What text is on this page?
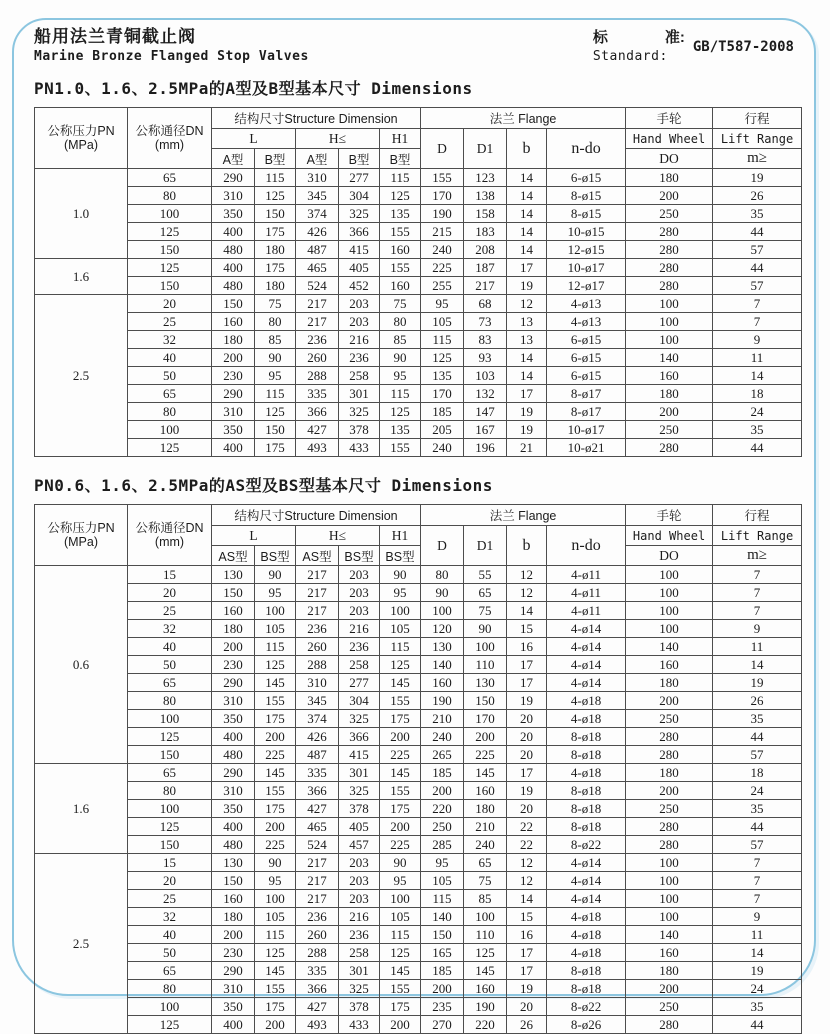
船用法兰青铜截止阀
Marine Bronze Flanged Stop Valves
标	准:
Standard:
GB/T587-2008
PN1.0、1.6、2.5MPa的A型及B型基本尺寸 Dimensions
公称压力PN
(MPa)	公称通径DN
(mm)	结构尺寸Structure Dimension					法兰 Flange				手轮	行程
		L		H≤		H1	D	D1	b	n-do	Hand Wheel	Lift Range
		A型	B型	A型	B型	B型					DO	m≥
1.0	65	290	115	310	277	115	155	123	14	6-ø15	180	19
	80	310	125	345	304	125	170	138	14	8-ø15	200	26
	100	350	150	374	325	135	190	158	14	8-ø15	250	35
	125	400	175	426	366	155	215	183	14	10-ø15	280	44
	150	480	180	487	415	160	240	208	14	12-ø15	280	57
1.6	125	400	175	465	405	155	225	187	17	10-ø17	280	44
	150	480	180	524	452	160	255	217	19	12-ø17	280	57
2.5	20	150	75	217	203	75	95	68	12	4-ø13	100	7
	25	160	80	217	203	80	105	73	13	4-ø13	100	7
	32	180	85	236	216	85	115	83	13	6-ø15	100	9
	40	200	90	260	236	90	125	93	14	6-ø15	140	11
	50	230	95	288	258	95	135	103	14	6-ø15	160	14
	65	290	115	335	301	115	170	132	17	8-ø17	180	18
	80	310	125	366	325	125	185	147	19	8-ø17	200	24
	100	350	150	427	378	135	205	167	19	10-ø17	250	35
	125	400	175	493	433	155	240	196	21	10-ø21	280	44
PN0.6、1.6、2.5MPa的AS型及BS型基本尺寸 Dimensions
公称压力PN
(MPa)	公称通径DN
(mm)	结构尺寸Structure Dimension					法兰 Flange				手轮	行程
		L		H≤		H1	D	D1	b	n-do	Hand Wheel	Lift Range
		AS型	BS型	AS型	BS型	BS型					DO	m≥
0.6	15	130	90	217	203	90	80	55	12	4-ø11	100	7
	20	150	95	217	203	95	90	65	12	4-ø11	100	7
	25	160	100	217	203	100	100	75	14	4-ø11	100	7
	32	180	105	236	216	105	120	90	15	4-ø14	100	9
	40	200	115	260	236	115	130	100	16	4-ø14	140	11
	50	230	125	288	258	125	140	110	17	4-ø14	160	14
	65	290	145	310	277	145	160	130	17	4-ø14	180	19
	80	310	155	345	304	155	190	150	19	4-ø18	200	26
	100	350	175	374	325	175	210	170	20	4-ø18	250	35
	125	400	200	426	366	200	240	200	20	8-ø18	280	44
	150	480	225	487	415	225	265	225	20	8-ø18	280	57
1.6	65	290	145	335	301	145	185	145	17	4-ø18	180	18
	80	310	155	366	325	155	200	160	19	8-ø18	200	24
	100	350	175	427	378	175	220	180	20	8-ø18	250	35
	125	400	200	465	405	200	250	210	22	8-ø18	280	44
	150	480	225	524	457	225	285	240	22	8-ø22	280	57
2.5	15	130	90	217	203	90	95	65	12	4-ø14	100	7
	20	150	95	217	203	95	105	75	12	4-ø14	100	7
	25	160	100	217	203	100	115	85	14	4-ø14	100	7
	32	180	105	236	216	105	140	100	15	4-ø18	100	9
	40	200	115	260	236	115	150	110	16	4-ø18	140	11
	50	230	125	288	258	125	165	125	17	4-ø18	160	14
	65	290	145	335	301	145	185	145	17	8-ø18	180	19
	80	310	155	366	325	155	200	160	19	8-ø18	200	24
	100	350	175	427	378	175	235	190	20	8-ø22	250	35
	125	400	200	493	433	200	270	220	26	8-ø26	280	44
